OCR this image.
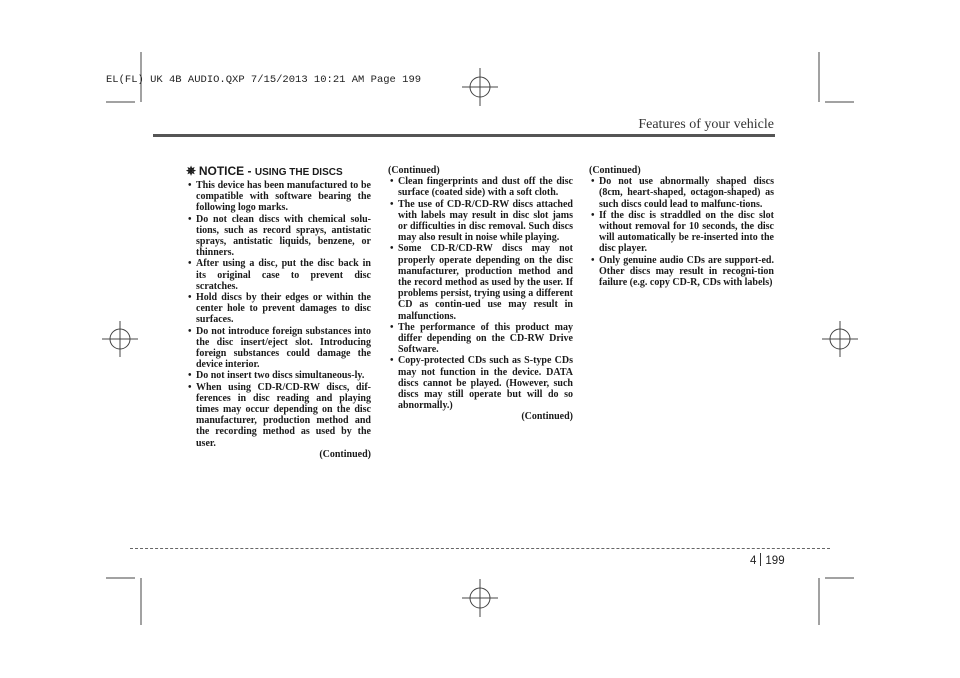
EL(FL) UK 4B AUDIO.QXP 7/15/2013 10:21 AM Page 199
Features of your vehicle
✵ NOTICE - USING THE DISCS
• This device has been manufactured to be compatible with software bearing the following logo marks.
• Do not clean discs with chemical solu-tions, such as record sprays, antistatic sprays, antistatic liquids, benzene, or thinners.
• After using a disc, put the disc back in its original case to prevent disc scratches.
• Hold discs by their edges or within the center hole to prevent damages to disc surfaces.
• Do not introduce foreign substances into the disc insert/eject slot. Introducing foreign substances could damage the device interior.
• Do not insert two discs simultaneous-ly.
• When using CD-R/CD-RW discs, dif-ferences in disc reading and playing times may occur depending on the disc manufacturer, production method and the recording method as used by the user.
(Continued)
(Continued)
• Clean fingerprints and dust off the disc surface (coated side) with a soft cloth.
• The use of CD-R/CD-RW discs attached with labels may result in disc slot jams or difficulties in disc removal. Such discs may also result in noise while playing.
• Some CD-R/CD-RW discs may not properly operate depending on the disc manufacturer, production method and the record method as used by the user. If problems persist, trying using a different CD as contin-ued use may result in malfunctions.
• The performance of this product may differ depending on the CD-RW Drive Software.
• Copy-protected CDs such as S-type CDs may not function in the device. DATA discs cannot be played. (However, such discs may still operate but will do so abnormally.)
(Continued)
(Continued)
• Do not use abnormally shaped discs (8cm, heart-shaped, octagon-shaped) as such discs could lead to malfunc-tions.
• If the disc is straddled on the disc slot without removal for 10 seconds, the disc will automatically be re-inserted into the disc player.
• Only genuine audio CDs are support-ed. Other discs may result in recogni-tion failure (e.g. copy CD-R, CDs with labels)
4 199
